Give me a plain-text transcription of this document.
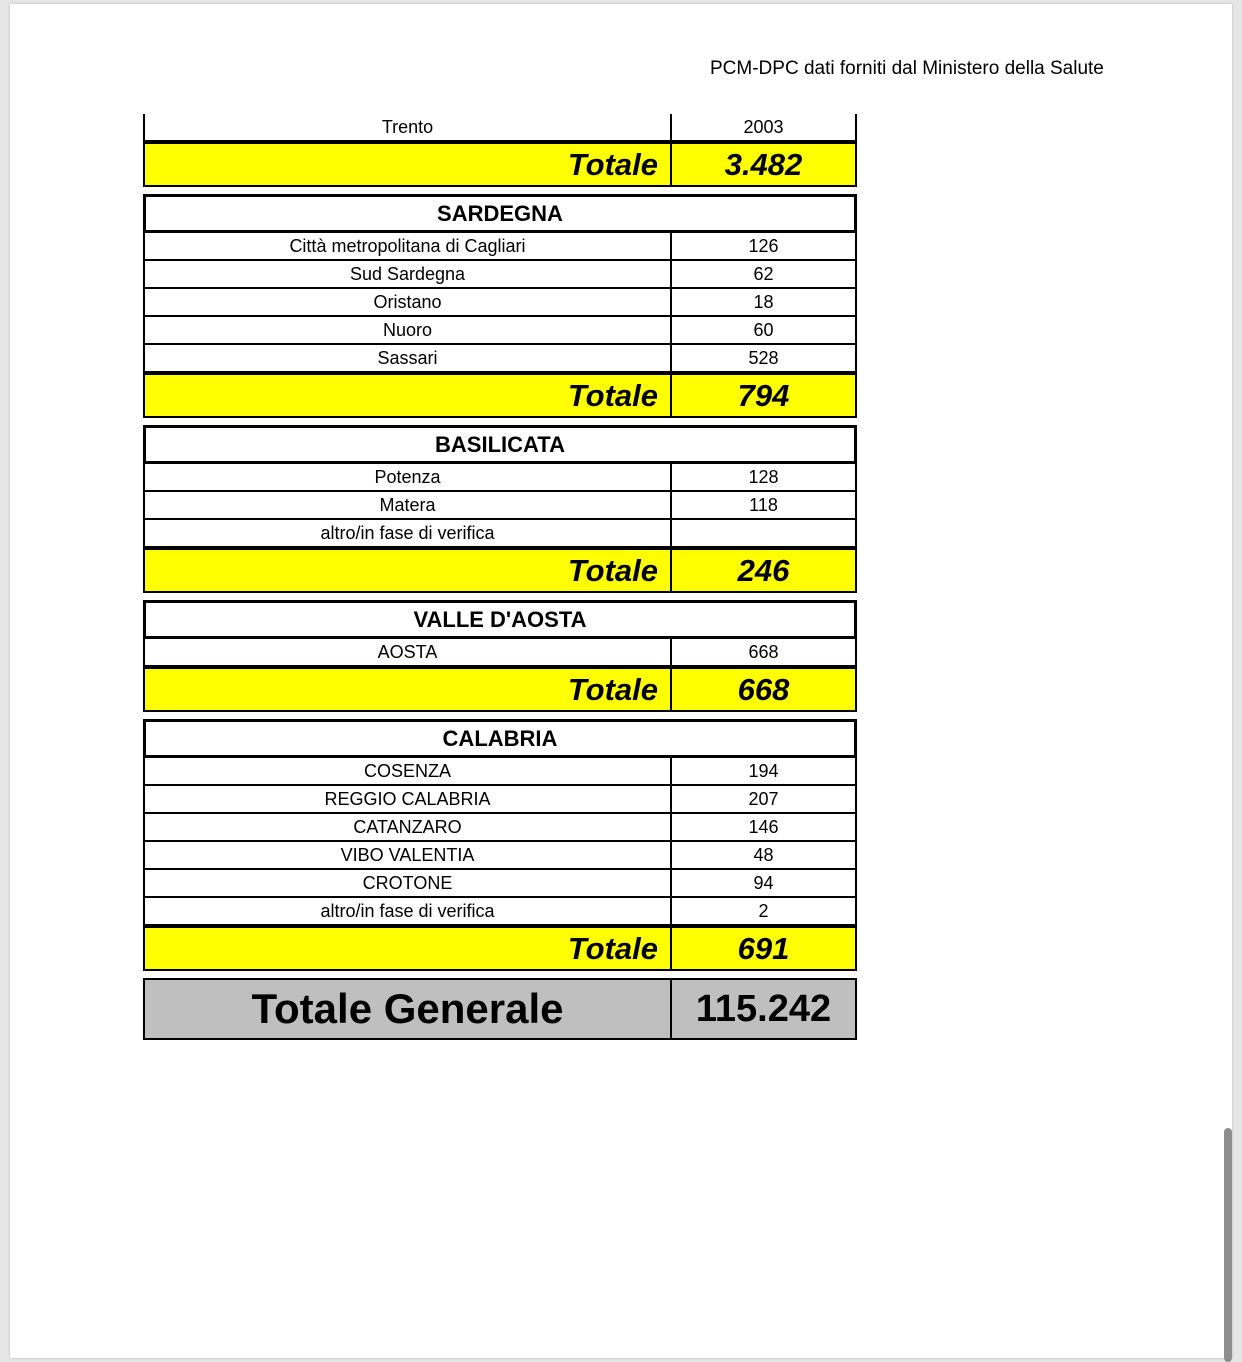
PCM-DPC dati forniti dal Ministero della Salute
Trento	2003
Totale	3.482
SARDEGNA
Città metropolitana di Cagliari	126
Sud Sardegna	62
Oristano	18
Nuoro	60
Sassari	528
Totale	794
BASILICATA
Potenza	128
Matera	118
altro/in fase di verifica
Totale	246
VALLE D'AOSTA
AOSTA	668
Totale	668
CALABRIA
COSENZA	194
REGGIO CALABRIA	207
CATANZARO	146
VIBO VALENTIA	48
CROTONE	94
altro/in fase di verifica	2
Totale	691
Totale Generale	115.242
